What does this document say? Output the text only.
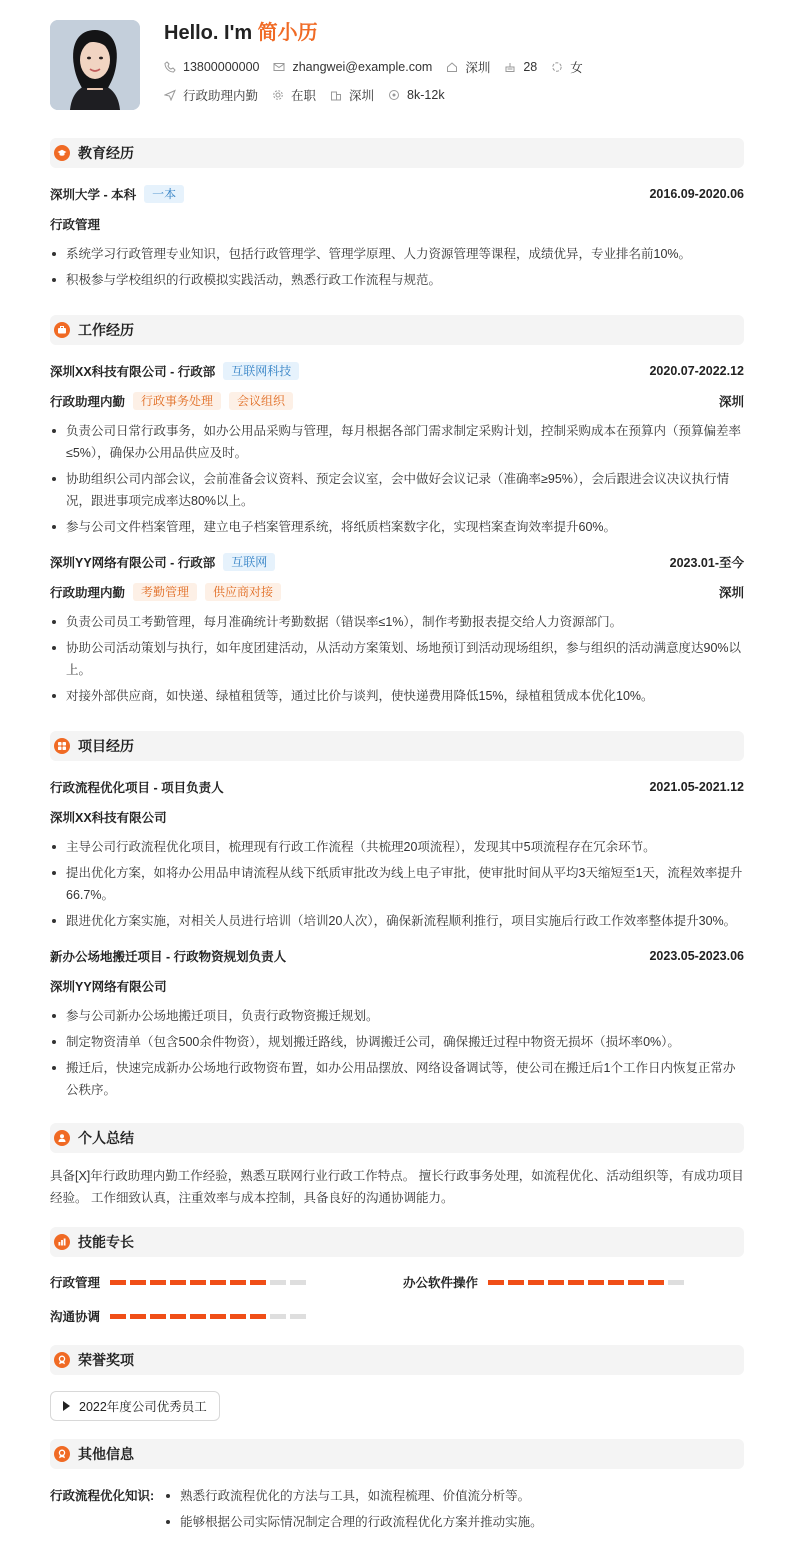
Hello. I'm 简小历
13800000000	zhangwei@example.com	深圳	28	女
行政助理内勤	在职	深圳	8k-12k
教育经历
深圳大学 - 本科	一本	2016.09-2020.06
行政管理
系统学习行政管理专业知识，包括行政管理学、管理学原理、人力资源管理等课程，成绩优异，专业排名前10%。
积极参与学校组织的行政模拟实践活动，熟悉行政工作流程与规范。
工作经历
深圳XX科技有限公司 - 行政部	互联网科技	2020.07-2022.12
行政助理内勤	行政事务处理	会议组织	深圳
负责公司日常行政事务，如办公用品采购与管理，每月根据各部门需求制定采购计划，控制采购成本在预算内（预算偏差率≤5%），确保办公用品供应及时。
协助组织公司内部会议，会前准备会议资料、预定会议室，会中做好会议记录（准确率≥95%），会后跟进会议决议执行情况，跟进事项完成率达80%以上。
参与公司文件档案管理，建立电子档案管理系统，将纸质档案数字化，实现档案查询效率提升60%。
深圳YY网络有限公司 - 行政部	互联网	2023.01-至今
行政助理内勤	考勤管理	供应商对接	深圳
负责公司员工考勤管理，每月准确统计考勤数据（错误率≤1%），制作考勤报表提交给人力资源部门。
协助公司活动策划与执行，如年度团建活动，从活动方案策划、场地预订到活动现场组织，参与组织的活动满意度达90%以上。
对接外部供应商，如快递、绿植租赁等，通过比价与谈判，使快递费用降低15%，绿植租赁成本优化10%。
项目经历
行政流程优化项目 - 项目负责人	2021.05-2021.12
深圳XX科技有限公司
主导公司行政流程优化项目，梳理现有行政工作流程（共梳理20项流程），发现其中5项流程存在冗余环节。
提出优化方案，如将办公用品申请流程从线下纸质审批改为线上电子审批，使审批时间从平均3天缩短至1天，流程效率提升66.7%。
跟进优化方案实施，对相关人员进行培训（培训20人次），确保新流程顺利推行，项目实施后行政工作效率整体提升30%。
新办公场地搬迁项目 - 行政物资规划负责人	2023.05-2023.06
深圳YY网络有限公司
参与公司新办公场地搬迁项目，负责行政物资搬迁规划。
制定物资清单（包含500余件物资），规划搬迁路线，协调搬迁公司，确保搬迁过程中物资无损坏（损坏率0%）。
搬迁后，快速完成新办公场地行政物资布置，如办公用品摆放、网络设备调试等，使公司在搬迁后1个工作日内恢复正常办公秩序。
个人总结

具备[X]年行政助理内勤工作经验，熟悉互联网行业行政工作特点。 擅长行政事务处理，如流程优化、活动组织等，有成功项目经验。 工作细致认真，注重效率与成本控制，具备良好的沟通协调能力。

技能专长
行政管理	办公软件操作
沟通协调
荣誉奖项
2022年度公司优秀员工
其他信息
行政流程优化知识:	熟悉行政流程优化的方法与工具，如流程梳理、价值流分析等。
能够根据公司实际情况制定合理的行政流程优化方案并推动实施。
